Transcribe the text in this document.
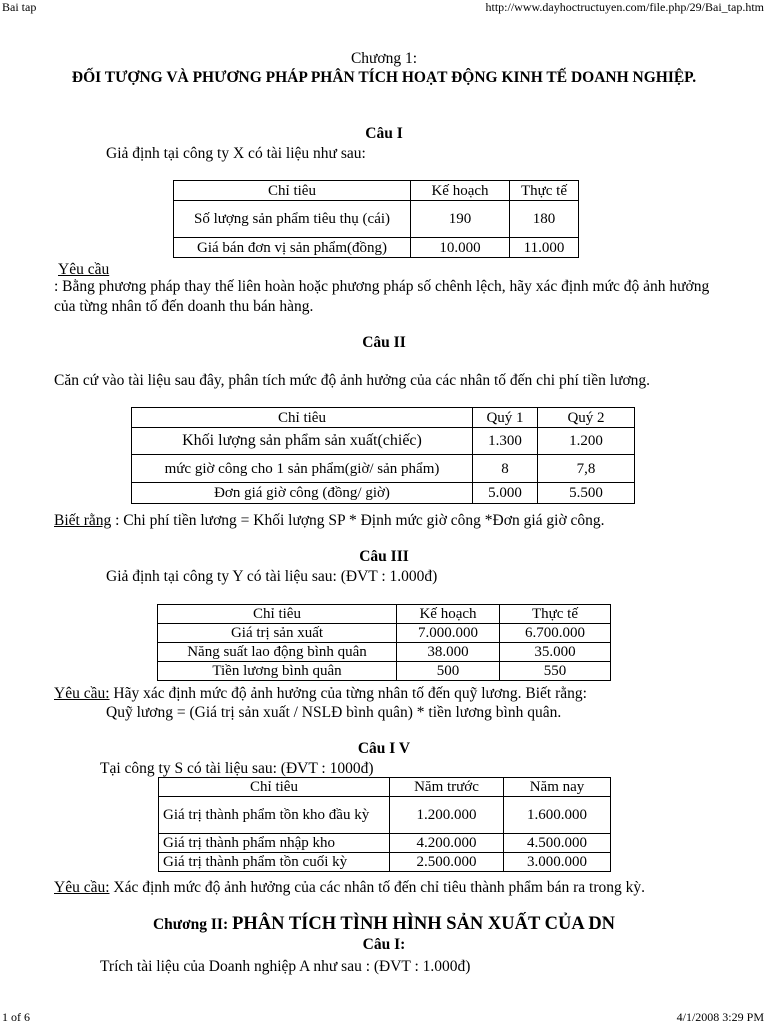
Bai tap	http://www.dayhoctructuyen.com/file.php/29/Bai_tap.htm
Chương 1:
ĐỐI TƯỢNG VÀ PHƯƠNG PHÁP PHÂN TÍCH HOẠT ĐỘNG KINH TẾ DOANH NGHIỆP.
Câu I
Giả định tại công ty X có tài liệu như sau:
Chỉ tiêu	Kế hoạch	Thực tế
Số lượng sản phẩm tiêu thụ (cái)	190	180
Giá bán đơn vị sản phẩm(đồng)	10.000	11.000
Yêu cầu
: Bằng phương pháp thay thế liên hoàn hoặc phương pháp số chênh lệch, hãy xác định mức độ ảnh hưởng của từng nhân tố đến doanh thu bán hàng.
Câu II
Căn cứ vào tài liệu sau đây, phân tích mức độ ảnh hưởng của các nhân tố đến chi phí tiền lương.
Chỉ tiêu	Quý 1	Quý 2
Khối lượng sản phẩm sản xuất(chiếc)	1.300	1.200
mức giờ công cho 1 sản phẩm(giờ/ sản phẩm)	8	7,8
Đơn giá giờ công (đồng/ giờ)	5.000	5.500
Biết rằng : Chi phí tiền lương = Khối lượng SP * Định mức giờ công *Đơn giá giờ công.
Câu III
Giả định tại công ty Y có tài liệu sau: (ĐVT : 1.000đ)
Chỉ tiêu	Kế hoạch	Thực tế
Giá trị sản xuất	7.000.000	6.700.000
Năng suất lao động bình quân	38.000	35.000
Tiền lương bình quân	500	550
Yêu cầu: Hãy xác định mức độ ảnh hưởng của từng nhân tố đến quỹ lương. Biết rằng:
Quỹ lương = (Giá trị sản xuất / NSLĐ bình quân) * tiền lương bình quân.
Câu I V
Tại công ty S có tài liệu sau: (ĐVT : 1000đ)
Chỉ tiêu	Năm trước	Năm nay
Giá trị thành phẩm tồn kho đầu kỳ	1.200.000	1.600.000
Giá trị thành phẩm nhập kho	4.200.000	4.500.000
Giá trị thành phẩm tồn cuối kỳ	2.500.000	3.000.000
Yêu cầu: Xác định mức độ ảnh hưởng của các nhân tố đến chỉ tiêu thành phẩm bán ra trong kỳ.
Chương II: PHÂN TÍCH TÌNH HÌNH SẢN XUẤT CỦA DN
Câu I:
Trích tài liệu của Doanh nghiệp A như sau : (ĐVT : 1.000đ)
1 of 6	4/1/2008 3:29 PM
